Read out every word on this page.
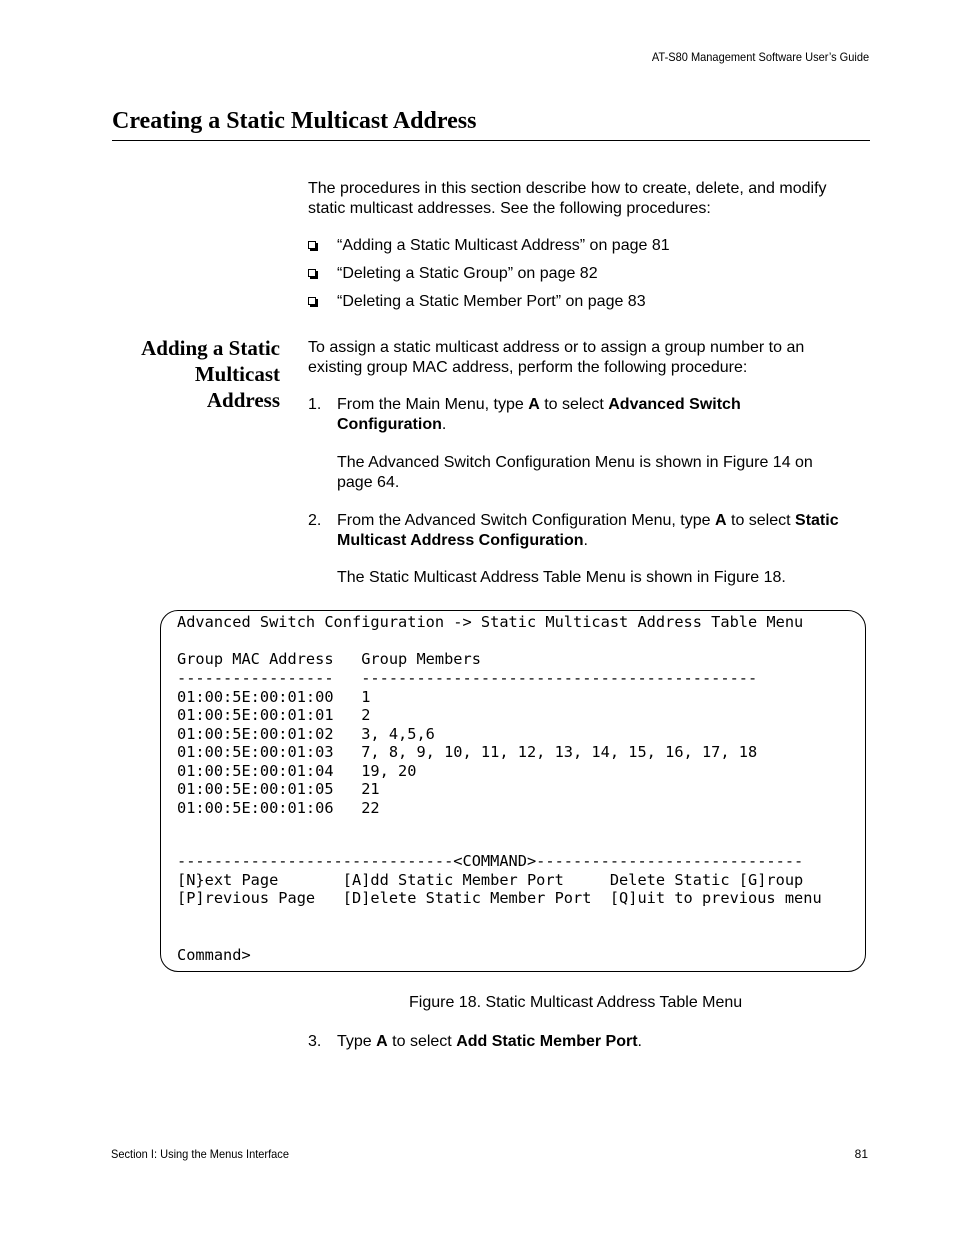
AT-S80 Management Software User’s Guide
Creating a Static Multicast Address
The procedures in this section describe how to create, delete, and modify
static multicast addresses. See the following procedures:
“Adding a Static Multicast Address” on page 81
“Deleting a Static Group” on page 82
“Deleting a Static Member Port” on page 83
Adding a Static
Multicast
Address
To assign a static multicast address or to assign a group number to an
existing group MAC address, perform the following procedure:
1. From the Main Menu, type A to select Advanced Switch
Configuration.
The Advanced Switch Configuration Menu is shown in Figure 14 on
page 64.
2. From the Advanced Switch Configuration Menu, type A to select Static
Multicast Address Configuration.
The Static Multicast Address Table Menu is shown in Figure 18.
Advanced Switch Configuration -> Static Multicast Address Table Menu
Group MAC Address   Group Members
-----------------   -------------------------------------------
01:00:5E:00:01:00   1
01:00:5E:00:01:01   2
01:00:5E:00:01:02   3, 4,5,6
01:00:5E:00:01:03   7, 8, 9, 10, 11, 12, 13, 14, 15, 16, 17, 18
01:00:5E:00:01:04   19, 20
01:00:5E:00:01:05   21
01:00:5E:00:01:06   22
------------------------------<COMMAND>-----------------------------
[N}ext Page       [A]dd Static Member Port     Delete Static [G]roup
[P]revious Page   [D]elete Static Member Port  [Q]uit to previous menu
Command>
Figure 18. Static Multicast Address Table Menu
3. Type A to select Add Static Member Port.
Section I: Using the Menus Interface	81
